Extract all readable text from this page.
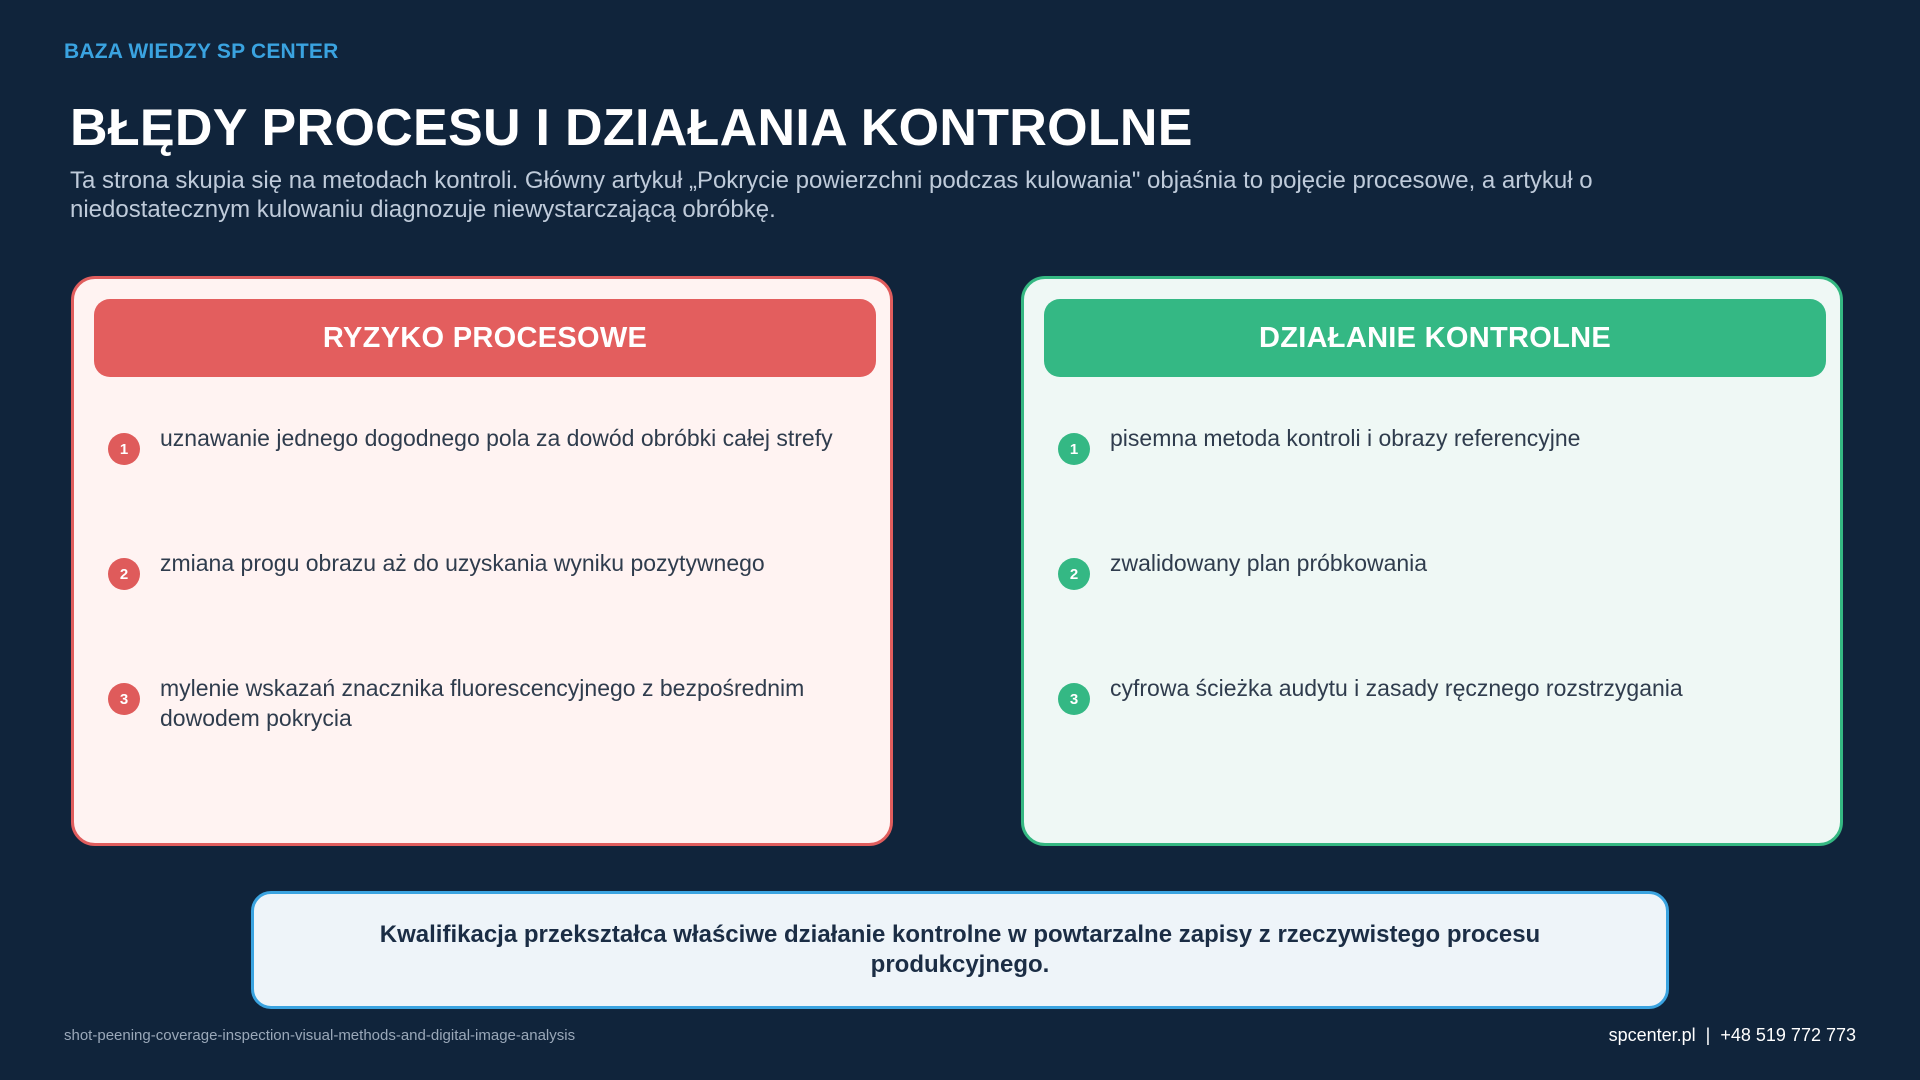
BAZA WIEDZY SP CENTER
BŁĘDY PROCESU I DZIAŁANIA KONTROLNE

Ta strona skupia się na metodach kontroli. Główny artykuł „Pokrycie powierzchni podczas kulowania" objaśnia to pojęcie procesowe, a artykuł o niedostatecznym kulowaniu diagnozuje niewystarczającą obróbkę.

RYZYKO PROCESOWE
1	uznawanie jednego dogodnego pola za dowód obróbki całej strefy
2	zmiana progu obrazu aż do uzyskania wyniku pozytywnego
3	mylenie wskazań znacznika fluorescencyjnego z bezpośrednim dowodem pokrycia
DZIAŁANIE KONTROLNE
1	pisemna metoda kontroli i obrazy referencyjne
2	zwalidowany plan próbkowania
3	cyfrowa ścieżka audytu i zasady ręcznego rozstrzygania
Kwalifikacja przekształca właściwe działanie kontrolne w powtarzalne zapisy z rzeczywistego procesu produkcyjnego.
shot-peening-coverage-inspection-visual-methods-and-digital-image-analysis	spcenter.pl  |  +48 519 772 773
